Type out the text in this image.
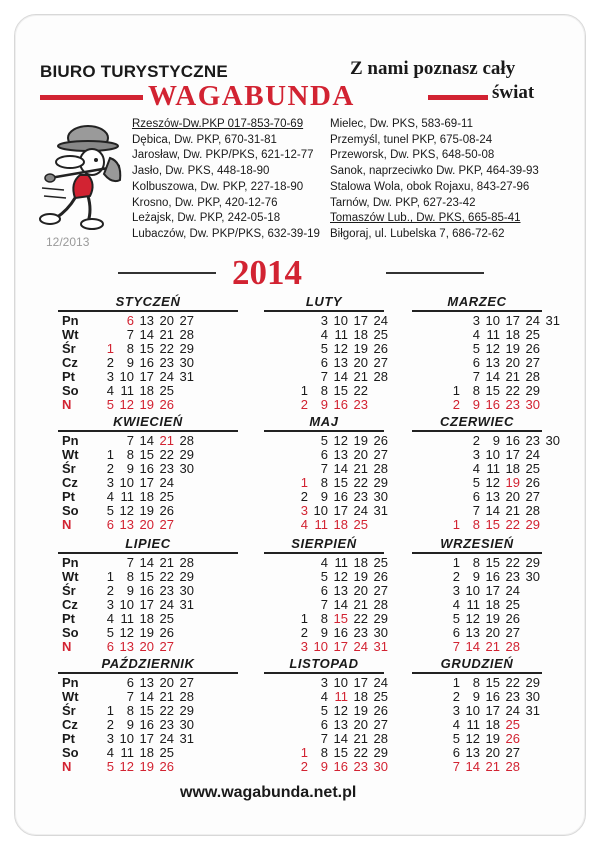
BIURO TURYSTYCZNE	Z nami poznasz cały
świat
WAGABUNDA
12/2013
Rzeszów-Dw.PKP 017-853-70-69
Dębica, Dw. PKP, 670-31-81
Jarosław, Dw. PKP/PKS, 621-12-77
Jasło, Dw. PKS, 448-18-90
Kolbuszowa, Dw. PKP, 227-18-90
Krosno, Dw. PKP, 420-12-76
Leżajsk, Dw. PKP, 242-05-18
Lubaczów, Dw. PKP/PKS, 632-39-19
Mielec, Dw. PKS, 583-69-11
Przemyśl, tunel PKP, 675-08-24
Przeworsk, Dw. PKS, 648-50-08
Sanok, naprzeciwko Dw. PKP, 464-39-93
Stalowa Wola, obok Rojaxu, 843-27-96
Tarnów, Dw. PKP, 627-23-42
Tomaszów Lub., Dw. PKS, 665-85-41
Biłgoraj, ul. Lubelska 7, 686-72-62
2014
www.wagabunda.net.pl
Pn
Wt
Śr
Cz
Pt
So
N
STYCZEŃ
6 13 20 27
7 14 21 28
1 8 15 22 29
2 9 16 23 30
3 10 17 24 31
4 11 18 25
5 12 19 26
LUTY
3 10 17 24
4 11 18 25
5 12 19 26
6 13 20 27
7 14 21 28
1 8 15 22
2 9 16 23
MARZEC
3 10 17 24 31
4 11 18 25
5 12 19 26
6 13 20 27
7 14 21 28
1 8 15 22 29
2 9 16 23 30
Pn
Wt
Śr
Cz
Pt
So
N
KWIECIEŃ
7 14 21 28
1 8 15 22 29
2 9 16 23 30
3 10 17 24
4 11 18 25
5 12 19 26
6 13 20 27
MAJ
5 12 19 26
6 13 20 27
7 14 21 28
1 8 15 22 29
2 9 16 23 30
3 10 17 24 31
4 11 18 25
CZERWIEC
2 9 16 23 30
3 10 17 24
4 11 18 25
5 12 19 26
6 13 20 27
7 14 21 28
1 8 15 22 29
Pn
Wt
Śr
Cz
Pt
So
N
LIPIEC
7 14 21 28
1 8 15 22 29
2 9 16 23 30
3 10 17 24 31
4 11 18 25
5 12 19 26
6 13 20 27
SIERPIEŃ
4 11 18 25
5 12 19 26
6 13 20 27
7 14 21 28
1 8 15 22 29
2 9 16 23 30
3 10 17 24 31
WRZESIEŃ
1 8 15 22 29
2 9 16 23 30
3 10 17 24
4 11 18 25
5 12 19 26
6 13 20 27
7 14 21 28
Pn
Wt
Śr
Cz
Pt
So
N
PAŹDZIERNIK
6 13 20 27
7 14 21 28
1 8 15 22 29
2 9 16 23 30
3 10 17 24 31
4 11 18 25
5 12 19 26
LISTOPAD
3 10 17 24
4 11 18 25
5 12 19 26
6 13 20 27
7 14 21 28
1 8 15 22 29
2 9 16 23 30
GRUDZIEŃ
1 8 15 22 29
2 9 16 23 30
3 10 17 24 31
4 11 18 25
5 12 19 26
6 13 20 27
7 14 21 28
